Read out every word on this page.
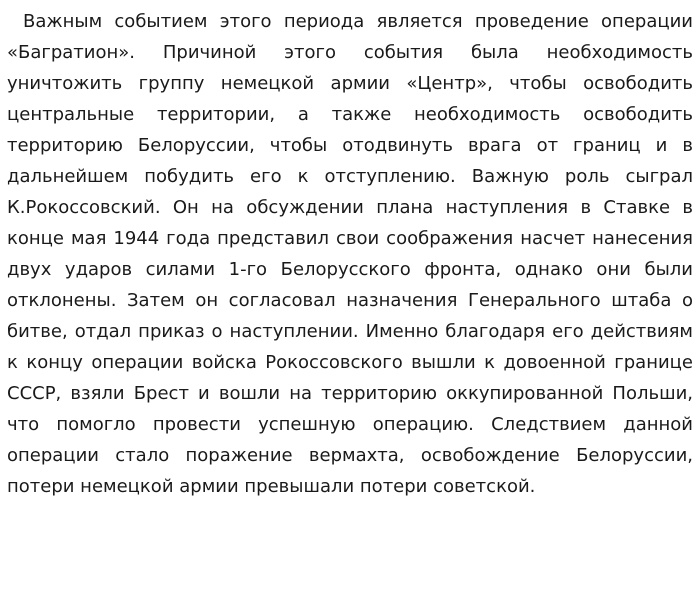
Важным событием этого периода является проведение операции «Багратион». Причиной этого события была необходимость уничтожить группу немецкой армии «Центр», чтобы освободить центральные территории, а также необходимость освободить территорию Белоруссии, чтобы отодвинуть врага от границ и в дальнейшем побудить его к отступлению. Важную роль сыграл К.Рокоссовский. Он на обсуждении плана наступления в Ставке в конце мая 1944 года представил свои соображения насчет нанесения двух ударов силами 1-го Белорусского фронта, однако они были отклонены. Затем он согласовал назначения Генерального штаба о битве, отдал приказ о наступлении. Именно благодаря его действиям к концу операции войска Рокоссовского вышли к довоенной границе СССР, взяли Брест и вошли на территорию оккупированной Польши, что помогло провести успешную операцию. Следствием данной операции стало поражение вермахта, освобождение Белоруссии, потери немецкой армии превышали потери советской.
